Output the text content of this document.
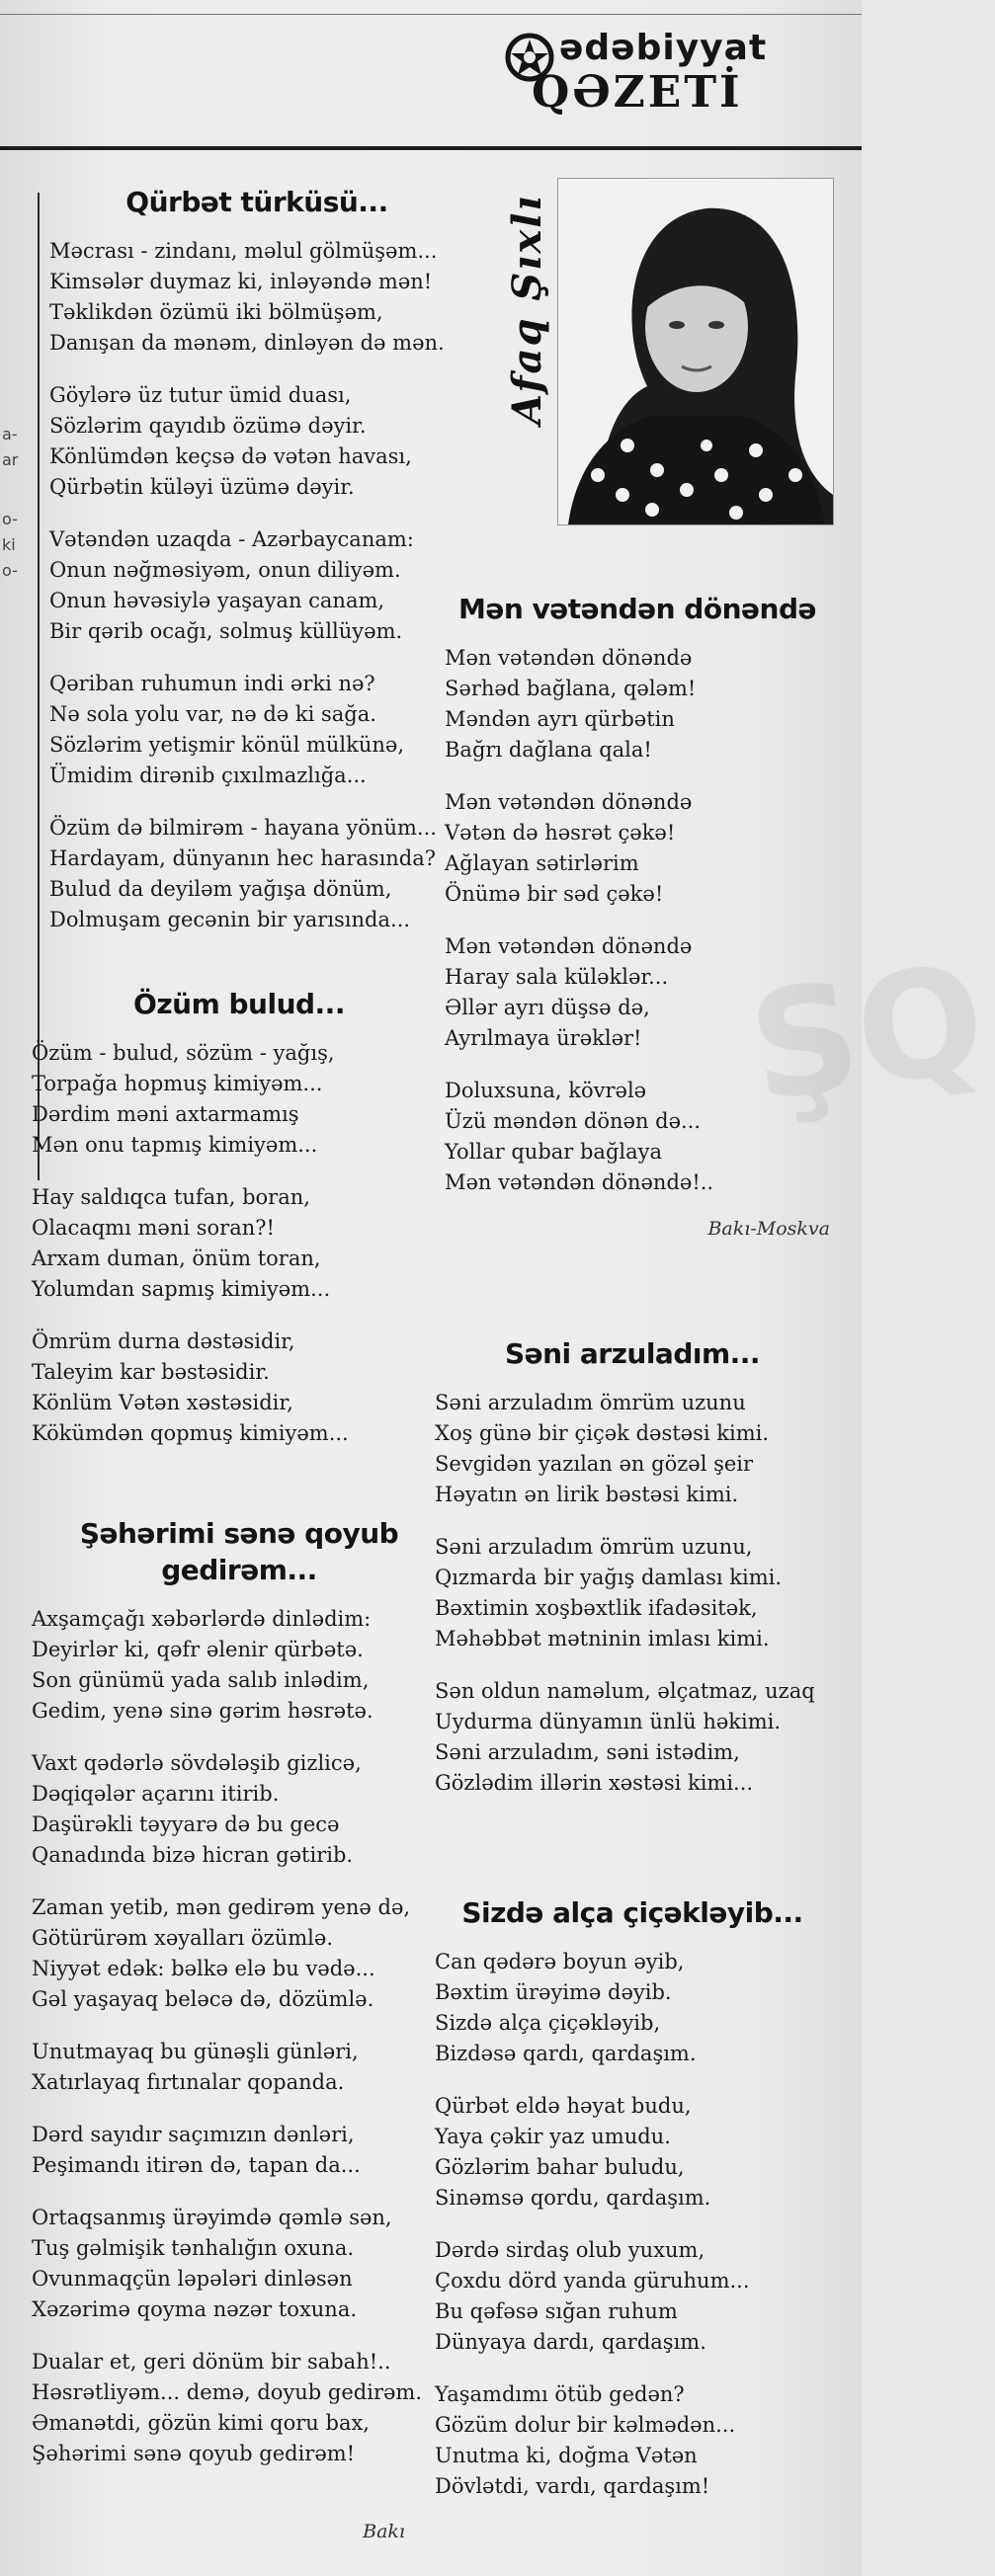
ədəbiyyat
QƏZETİ
a-
ar
o-
ki
o-
Afaq Şıxlı
ŞQ
Qürbət türküsü...
Məcrası - zindanı, məlul gölmüşəm...
Kimsələr duymaz ki, inləyəndə mən!
Təklikdən özümü iki bölmüşəm,
Danışan da mənəm, dinləyən də mən.
Göylərə üz tutur ümid duası,
Sözlərim qayıdıb özümə dəyir.
Könlümdən keçsə də vətən havası,
Qürbətin küləyi üzümə dəyir.
Vətəndən uzaqda - Azərbaycanam:
Onun nəğməsiyəm, onun diliyəm.
Onun həvəsiylə yaşayan canam,
Bir qərib ocağı, solmuş küllüyəm.
Qəriban ruhumun indi ərki nə?
Nə sola yolu var, nə də ki sağa.
Sözlərim yetişmir könül mülkünə,
Ümidim dirənib çıxılmazlığa...
Özüm də bilmirəm - hayana yönüm...
Hardayam, dünyanın hec harasında?
Bulud da deyiləm yağışa dönüm,
Dolmuşam gecənin bir yarısında...
Özüm bulud...
Özüm - bulud, sözüm - yağış,
Torpağa hopmuş kimiyəm...
Dərdim məni axtarmamış
Mən onu tapmış kimiyəm...
Hay saldıqca tufan, boran,
Olacaqmı məni soran?!
Arxam duman, önüm toran,
Yolumdan sapmış kimiyəm...
Ömrüm durna dəstəsidir,
Taleyim kar bəstəsidir.
Könlüm Vətən xəstəsidir,
Kökümdən qopmuş kimiyəm...
Şəhərimi sənə qoyub
gedirəm...
Axşamçağı xəbərlərdə dinlədim:
Deyirlər ki, qəfr əlenir qürbətə.
Son günümü yada salıb inlədim,
Gedim, yenə sinə gərim həsrətə.
Vaxt qədərlə sövdələşib gizlicə,
Dəqiqələr açarını itirib.
Daşürəkli təyyarə də bu gecə
Qanadında bizə hicran gətirib.
Zaman yetib, mən gedirəm yenə də,
Götürürəm xəyalları özümlə.
Niyyət edək: bəlkə elə bu vədə...
Gəl yaşayaq beləcə də, dözümlə.
Unutmayaq bu günəşli günləri,
Xatırlayaq fırtınalar qopanda.
Dərd sayıdır saçımızın dənləri,
Peşimandı itirən də, tapan da...
Ortaqsanmış ürəyimdə qəmlə sən,
Tuş gəlmişik tənhalığın oxuna.
Ovunmaqçün ləpələri dinləsən
Xəzərimə qoyma nəzər toxuna.
Dualar et, geri dönüm bir sabah!..
Həsrətliyəm... demə, doyub gedirəm.
Əmanətdi, gözün kimi qoru bax,
Şəhərimi sənə qoyub gedirəm!
Bakı
Mən vətəndən dönəndə
Mən vətəndən dönəndə
Sərhəd bağlana, qələm!
Məndən ayrı qürbətin
Bağrı dağlana qala!
Mən vətəndən dönəndə
Vətən də həsrət çəkə!
Ağlayan sətirlərim
Önümə bir səd çəkə!
Mən vətəndən dönəndə
Haray sala küləklər...
Əllər ayrı düşsə də,
Ayrılmaya ürəklər!
Doluxsuna, kövrələ
Üzü məndən dönən də...
Yollar qubar bağlaya
Mən vətəndən dönəndə!..
Bakı-Moskva
Səni arzuladım...
Səni arzuladım ömrüm uzunu
Xoş günə bir çiçək dəstəsi kimi.
Sevgidən yazılan ən gözəl şeir
Həyatın ən lirik bəstəsi kimi.
Səni arzuladım ömrüm uzunu,
Qızmarda bir yağış damlası kimi.
Bəxtimin xoşbəxtlik ifadəsitək,
Məhəbbət mətninin imlası kimi.
Sən oldun naməlum, əlçatmaz, uzaq
Uydurma dünyamın ünlü həkimi.
Səni arzuladım, səni istədim,
Gözlədim illərin xəstəsi kimi...
Sizdə alça çiçəkləyib...
Can qədərə boyun əyib,
Bəxtim ürəyimə dəyib.
Sizdə alça çiçəkləyib,
Bizdəsə qardı, qardaşım.
Qürbət eldə həyat budu,
Yaya çəkir yaz umudu.
Gözlərim bahar buludu,
Sinəmsə qordu, qardaşım.
Dərdə sirdaş olub yuxum,
Çoxdu dörd yanda güruhum...
Bu qəfəsə sığan ruhum
Dünyaya dardı, qardaşım.
Yaşamdımı ötüb gedən?
Gözüm dolur bir kəlmədən...
Unutma ki, doğma Vətən
Dövlətdi, vardı, qardaşım!
